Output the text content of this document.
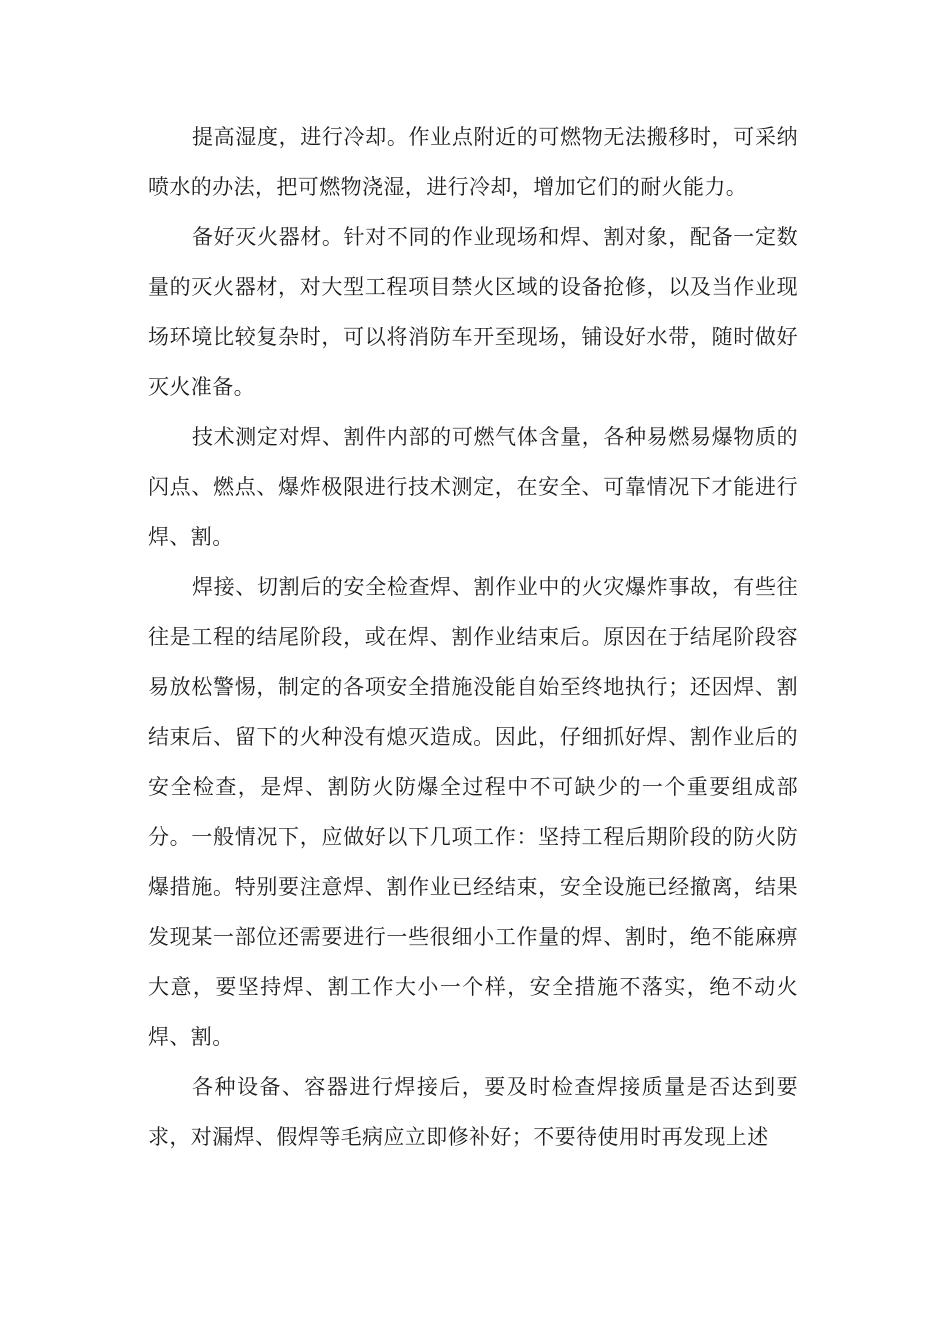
提高湿度，进行冷却。作业点附近的可燃物无法搬移时，可采纳喷水的办法，把可燃物浇湿，进行冷却，增加它们的耐火能力。

备好灭火器材。针对不同的作业现场和焊、割对象，配备一定数量的灭火器材，对大型工程项目禁火区域的设备抢修，以及当作业现场环境比较复杂时，可以将消防车开至现场，铺设好水带，随时做好灭火准备。

技术测定对焊、割件内部的可燃气体含量，各种易燃易爆物质的闪点、燃点、爆炸极限进行技术测定，在安全、可靠情况下才能进行焊、割。

焊接、切割后的安全检查焊、割作业中的火灾爆炸事故，有些往往是工程的结尾阶段，或在焊、割作业结束后。原因在于结尾阶段容易放松警惕，制定的各项安全措施没能自始至终地执行；还因焊、割结束后、留下的火种没有熄灭造成。因此，仔细抓好焊、割作业后的安全检查，是焊、割防火防爆全过程中不可缺少的一个重要组成部分。一般情况下，应做好以下几项工作：坚持工程后期阶段的防火防爆措施。特别要注意焊、割作业已经结束，安全设施已经撤离，结果发现某一部位还需要进行一些很细小工作量的焊、割时，绝不能麻痹大意，要坚持焊、割工作大小一个样，安全措施不落实，绝不动火焊、割。

各种设备、容器进行焊接后，要及时检查焊接质量是否达到要求，对漏焊、假焊等毛病应立即修补好；不要待使用时再发现上述
